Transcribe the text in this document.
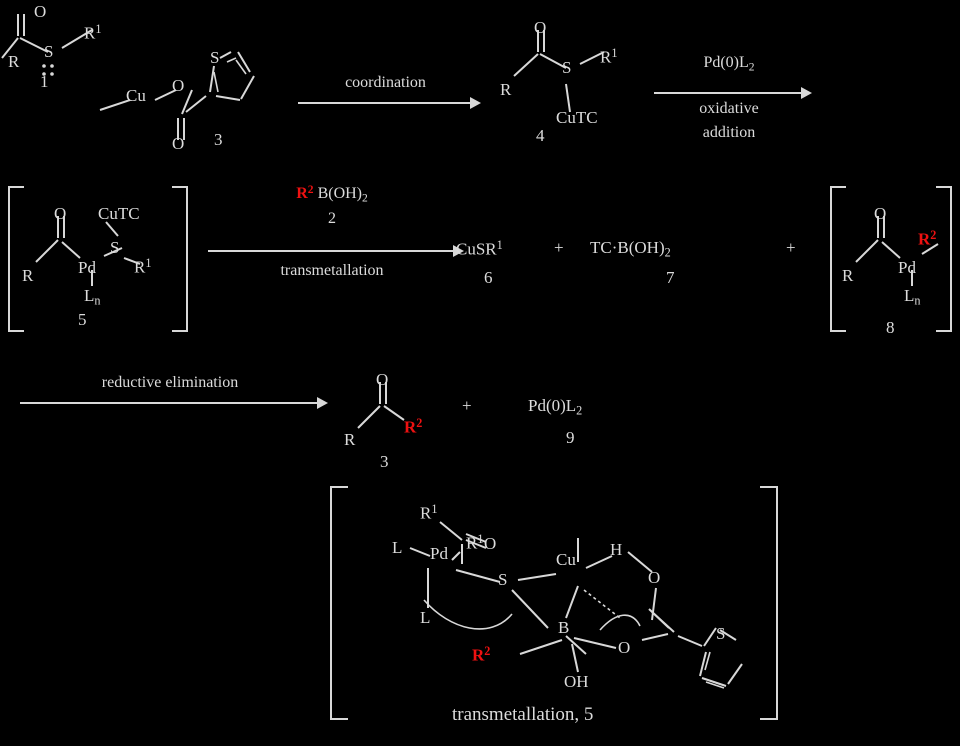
O
R
S
$R^1$
1
Cu
O
O
S
3
coordination
O
R
S
$R^1$
CuTC
4
$Pd(0)L_2$
oxidative
addition
O
R	Pd
$L_n$
S
$R^1$
CuTC
5
$R^2$ $B(OH)_2$
2
transmetallation
CuSR$^1$
6
+ $TC\cdot B(OH)_2$
7
+
O
R	Pd
$L_n$
$R^2$
8
reductive elimination	O
R
$R^2$
3
+	$Pd(0)L_2$
9
$R^1$
O
L
L
Pd
$R^1$
S
Cu
H
O
O
B
OH
$R^2$
S
transmetallation, 5
